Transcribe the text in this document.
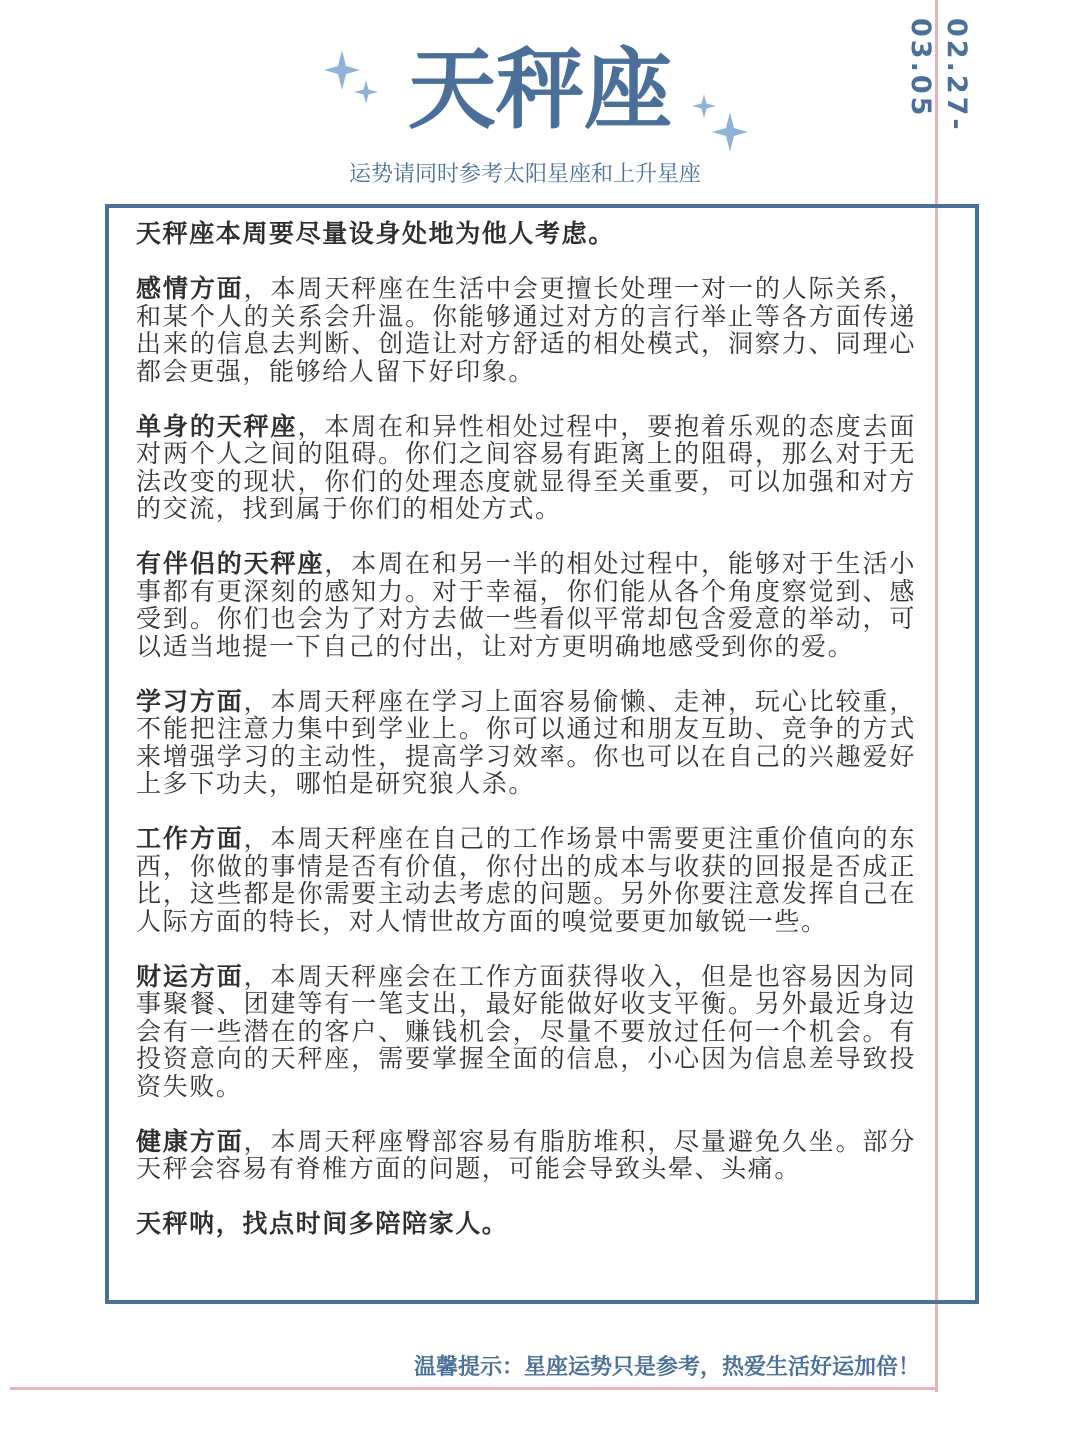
02.27-03.05
天秤座
运势请同时参考太阳星座和上升星座

天秤座本周要尽量设身处地为他人考虑。

感情方面，本周天秤座在生活中会更擅长处理一对一的人际关系，和某个人的关系会升温。你能够通过对方的言行举止等各方面传递出来的信息去判断、创造让对方舒适的相处模式，洞察力、同理心都会更强，能够给人留下好印象。

单身的天秤座，本周在和异性相处过程中，要抱着乐观的态度去面对两个人之间的阻碍。你们之间容易有距离上的阻碍，那么对于无法改变的现状，你们的处理态度就显得至关重要，可以加强和对方的交流，找到属于你们的相处方式。

有伴侣的天秤座，本周在和另一半的相处过程中，能够对于生活小事都有更深刻的感知力。对于幸福，你们能从各个角度察觉到、感受到。你们也会为了对方去做一些看似平常却包含爱意的举动，可以适当地提一下自己的付出，让对方更明确地感受到你的爱。

学习方面，本周天秤座在学习上面容易偷懒、走神，玩心比较重，不能把注意力集中到学业上。你可以通过和朋友互助、竞争的方式来增强学习的主动性，提高学习效率。你也可以在自己的兴趣爱好上多下功夫，哪怕是研究狼人杀。

工作方面，本周天秤座在自己的工作场景中需要更注重价值向的东西，你做的事情是否有价值，你付出的成本与收获的回报是否成正比，这些都是你需要主动去考虑的问题。另外你要注意发挥自己在人际方面的特长，对人情世故方面的嗅觉要更加敏锐一些。

财运方面，本周天秤座会在工作方面获得收入，但是也容易因为同事聚餐、团建等有一笔支出，最好能做好收支平衡。另外最近身边会有一些潜在的客户、赚钱机会，尽量不要放过任何一个机会。有投资意向的天秤座，需要掌握全面的信息，小心因为信息差导致投资失败。

健康方面，本周天秤座臀部容易有脂肪堆积，尽量避免久坐。部分天秤会容易有脊椎方面的问题，可能会导致头晕、头痛。

天秤呐，找点时间多陪陪家人。

温馨提示：星座运势只是参考，热爱生活好运加倍！
